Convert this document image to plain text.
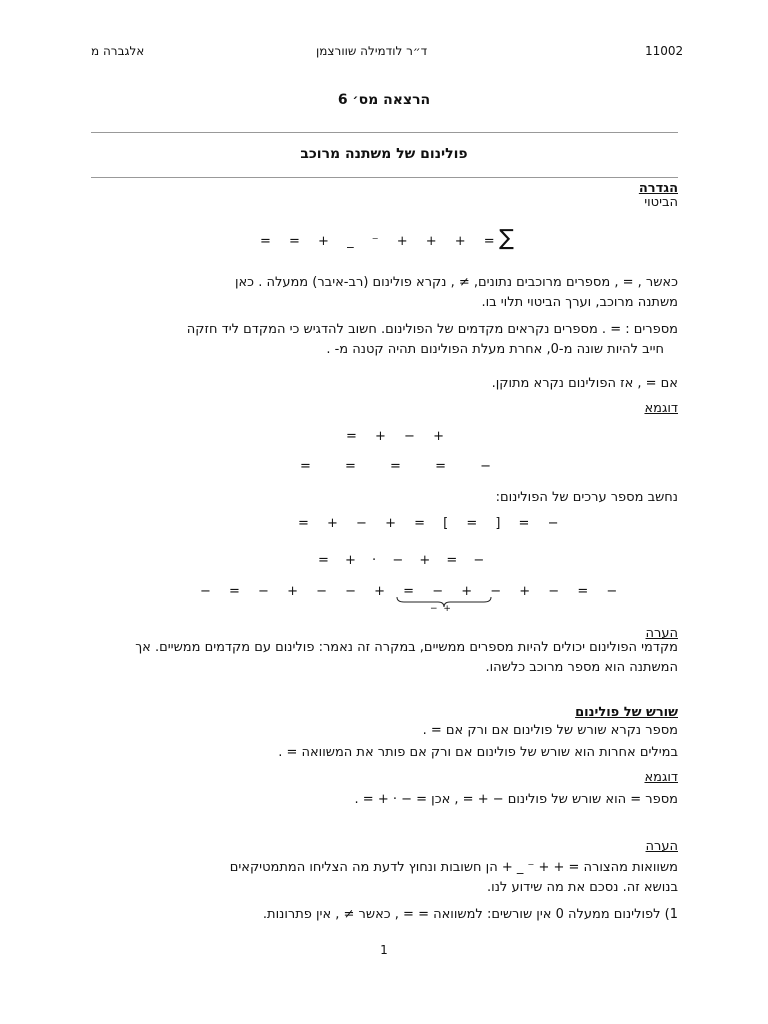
11002
ד״ר לודמילה שוורצמן
אלגברה מ
הרצאה מס׳ 6
פולינום של משתנה מרוכב
הגדרה
הביטוי
= = + _ ⁻ + + + = ∑
כאשר , = , מספרים מרוכבים נתונים, ≠ , נקרא פולינום (רב-איבר) ממעלה . כאן
משתנה מרוכב, וערך הביטוי תלוי בו.
מספרים : = . מספרים נקראים מקדמים של הפולינום. חשוב להדגיש כי המקדם ליד חזקה
חייב להיות שונה מ-0, אחרת מעלת הפולינום תהיה קטנה מ- .
אם = , אז הפולינום נקרא מתוקן.
דוגמא
= + − +
= = = = −
נחשב מספר ערכים של הפולינום:
= + − + = [ = ] = −
= + · − + = −
− = − + − − + = − + − + − = −
− +
הערה
מקדמי הפולינום יכולים להיות מספרים ממשיים, במקרה זה נאמר: פולינום עם מקדמים ממשיים. אך
המשתנה הוא מספר מרוכב כלשהו.
שורש של פולינום
מספר נקרא שורש של פולינום אם ורק אם = .
במילים אחרות הוא שורש של פולינום אם ורק אם פותר את המשוואה = .
דוגמא
מספר = הוא שורש של פולינום − + = , אכן = − · + = .
הערה
משוואות מהצורה = + + ⁻ _ + הן חשובות ונחוץ לדעת מה הצליחו המתמטיקאים
בנושא זה. נסכם את מה שידוע לנו.
1) לפולינום ממעלה 0 אין שורשים: למשוואה = = , כאשר ≠ , אין פתרונות.
1
